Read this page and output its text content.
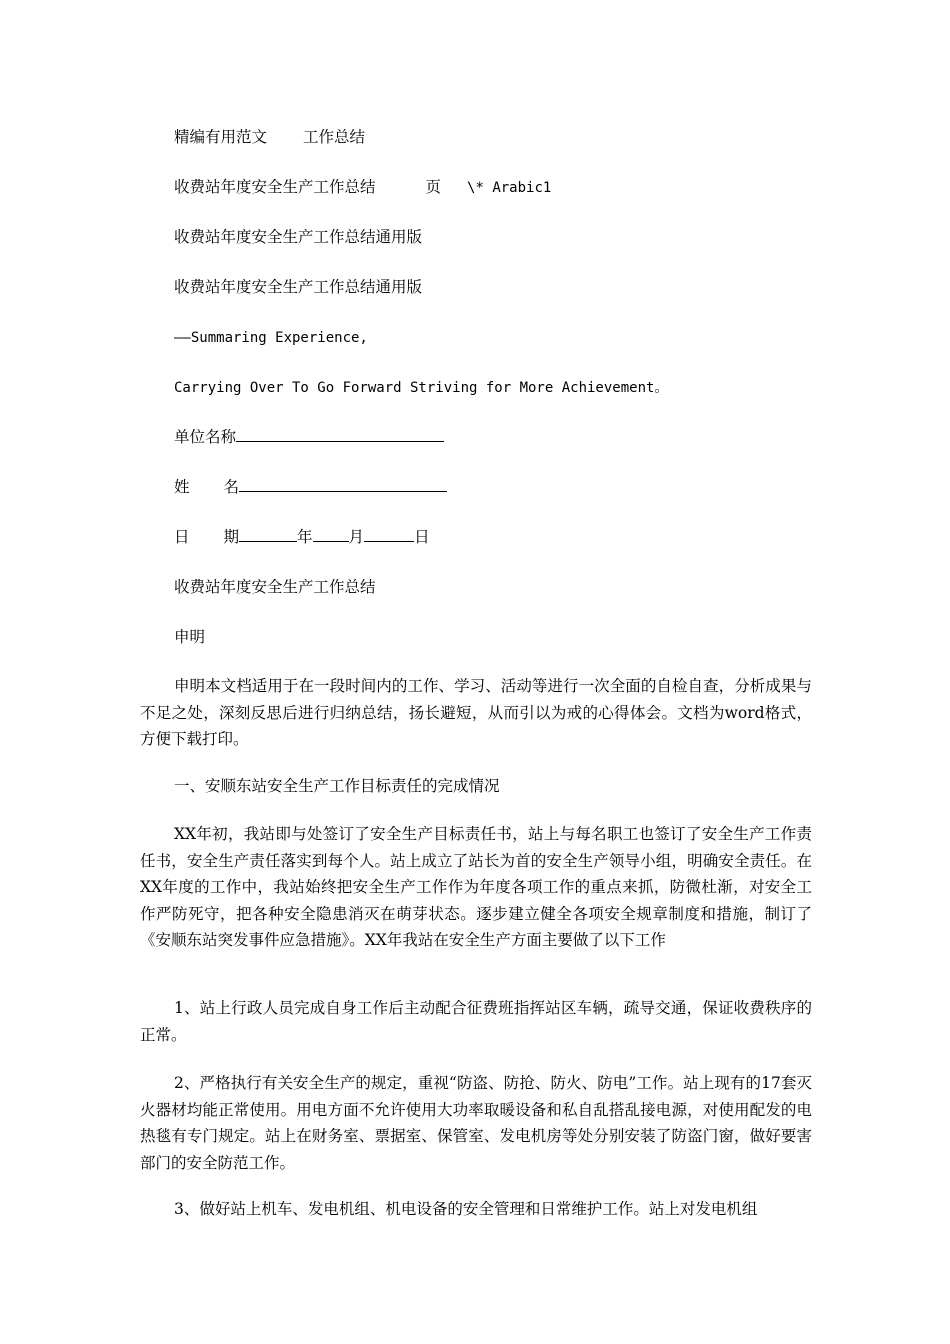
精编有用范文 工作总结
收费站年度安全生产工作总结	页 \* Arabic1
收费站年度安全生产工作总结通用版
收费站年度安全生产工作总结通用版
——Summaring Experience,
Carrying Over To Go Forward Striving for More Achievement。
单位名称
姓 名
日 期	年 月	日
收费站年度安全生产工作总结
申明
申明本文档适用于在一段时间内的工作、学习、活动等进行一次全面的自检自查，分析成果与不足之处，深刻反思后进行归纳总结，扬长避短，从而引以为戒的心得体会。文档为word格式，方便下载打印。
一、安顺东站安全生产工作目标责任的完成情况
XX年初，我站即与处签订了安全生产目标责任书，站上与每名职工也签订了安全生产工作责任书，安全生产责任落实到每个人。站上成立了站长为首的安全生产领导小组，明确安全责任。在XX年度的工作中，我站始终把安全生产工作作为年度各项工作的重点来抓，防微杜渐，对安全工作严防死守，把各种安全隐患消灭在萌芽状态。逐步建立健全各项安全规章制度和措施，制订了《安顺东站突发事件应急措施》。XX年我站在安全生产方面主要做了以下工作
1、站上行政人员完成自身工作后主动配合征费班指挥站区车辆，疏导交通，保证收费秩序的正常。
2、严格执行有关安全生产的规定，重视“防盗、防抢、防火、防电”工作。站上现有的17套灭火器材均能正常使用。用电方面不允许使用大功率取暖设备和私自乱搭乱接电源，对使用配发的电热毯有专门规定。站上在财务室、票据室、保管室、发电机房等处分别安装了防盗门窗，做好要害部门的安全防范工作。
3、做好站上机车、发电机组、机电设备的安全管理和日常维护工作。站上对发电机组
